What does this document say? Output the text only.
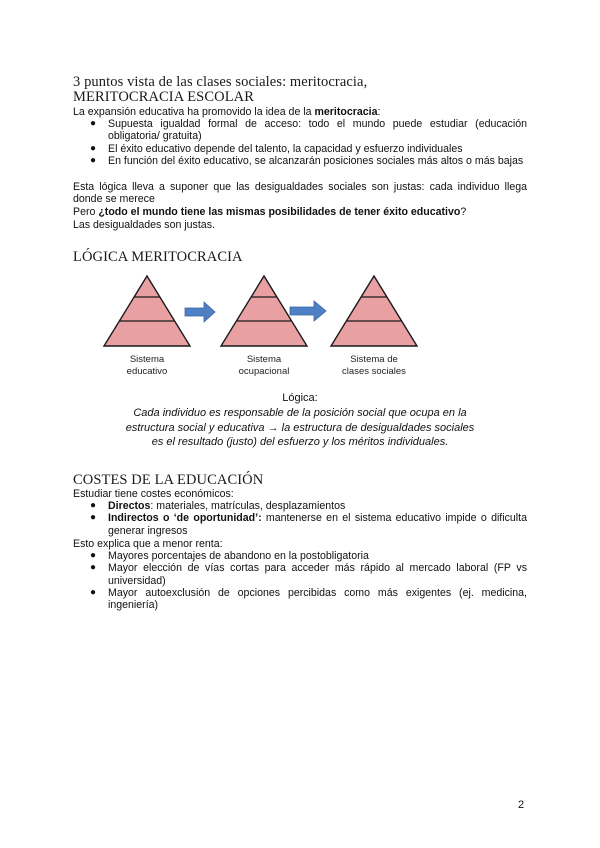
3 puntos vista de las clases sociales: meritocracia,
MERITOCRACIA ESCOLAR
La expansión educativa ha promovido la idea de la meritocracia:
● Supuesta igualdad formal de acceso: todo el mundo puede estudiar (educación obligatoria/ gratuita)
● El éxito educativo depende del talento, la capacidad y esfuerzo individuales
● En función del éxito educativo, se alcanzarán posiciones sociales más altos o más bajas
Esta lógica lleva a suponer que las desigualdades sociales son justas: cada individuo llega donde se merece
Pero ¿todo el mundo tiene las mismas posibilidades de tener éxito educativo?
Las desigualdades son justas.
LÓGICA MERITOCRACIA
Sistema
educativo
Sistema
ocupacional
Sistema de
clases sociales
Lógica:
Cada individuo es responsable de la posición social que ocupa en la
estructura social y educativa → la estructura de desigualdades sociales
es el resultado (justo) del esfuerzo y los méritos individuales.
COSTES DE LA EDUCACIÓN
Estudiar tiene costes económicos:
● Directos: materiales, matrículas, desplazamientos
● Indirectos o ‘de oportunidad’: mantenerse en el sistema educativo impide o dificulta generar ingresos
Esto explica que a menor renta:
● Mayores porcentajes de abandono en la postobligatoria
● Mayor elección de vías cortas para acceder más rápido al mercado laboral (FP vs universidad)
● Mayor autoexclusión de opciones percibidas como más exigentes (ej. medicina, ingeniería)
2
